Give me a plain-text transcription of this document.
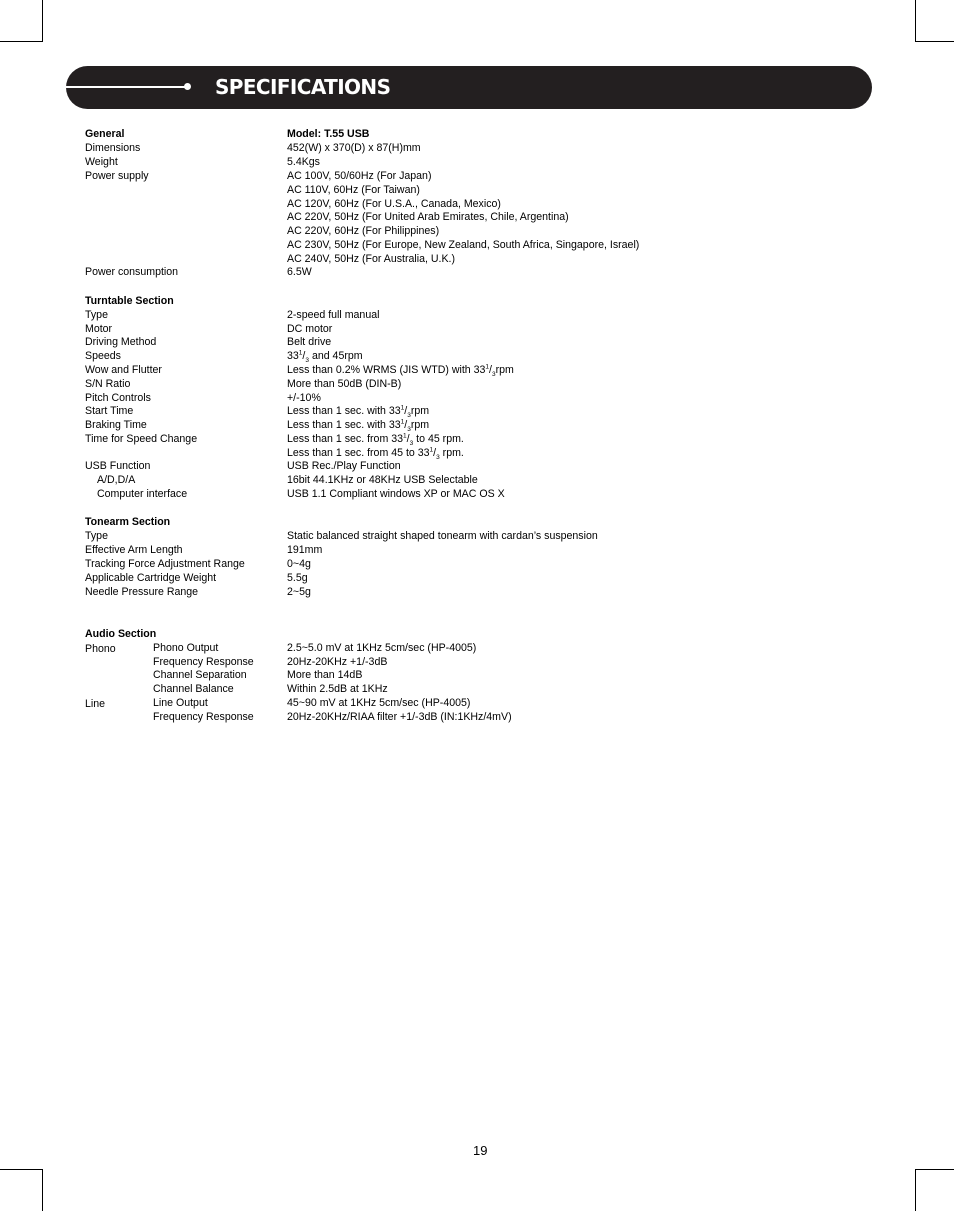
SPECIFICATIONS
General	Model: T.55 USB
Dimensions	452(W) x 370(D) x 87(H)mm
Weight	5.4Kgs
Power supply	AC 100V, 50/60Hz (For Japan)
AC 110V, 60Hz (For Taiwan)
AC 120V, 60Hz (For U.S.A., Canada, Mexico)
AC 220V, 50Hz (For United Arab Emirates, Chile, Argentina)
AC 220V, 60Hz (For Philippines)
AC 230V, 50Hz (For Europe, New Zealand, South Africa, Singapore, Israel)
AC 240V, 50Hz (For Australia, U.K.)
Power consumption	6.5W
Turntable Section
Type	2-speed full manual
Motor	DC motor
Driving Method	Belt drive
Speeds	$33^1/_3$ and 45rpm
Wow and Flutter	Less than 0.2% WRMS (JIS WTD) with $33^1/_3rpm$
S/N Ratio	More than 50dB (DIN-B)
Pitch Controls	+/-10%
Start Time	Less than 1 sec. with $33^1/_3rpm$
Braking Time	Less than 1 sec. with $33^1/_3rpm$
Time for Speed Change	Less than 1 sec. from $33^1/_3$ to 45 rpm.
Less than 1 sec. from 45 to $33^1/_3$ rpm.
USB Function	USB Rec./Play Function
A/D,D/A	16bit 44.1KHz or 48KHz USB Selectable
Computer interface	USB 1.1 Compliant windows XP or MAC OS X
Tonearm Section
Type	Static balanced straight shaped tonearm with cardan’s suspension
Effective Arm Length	191mm
Tracking Force Adjustment Range	0~4g
Applicable Cartridge Weight	5.5g
Needle Pressure Range	2~5g
Audio Section
Phono	Phono Output	2.5~5.0 mV at 1KHz 5cm/sec (HP-4005)
Frequency Response	20Hz-20KHz +1/-3dB
Channel Separation	More than 14dB
Channel Balance	Within 2.5dB at 1KHz
Line	Line Output	45~90 mV at 1KHz 5cm/sec (HP-4005)
Frequency Response	20Hz-20KHz/RIAA filter +1/-3dB (IN:1KHz/4mV)
19
